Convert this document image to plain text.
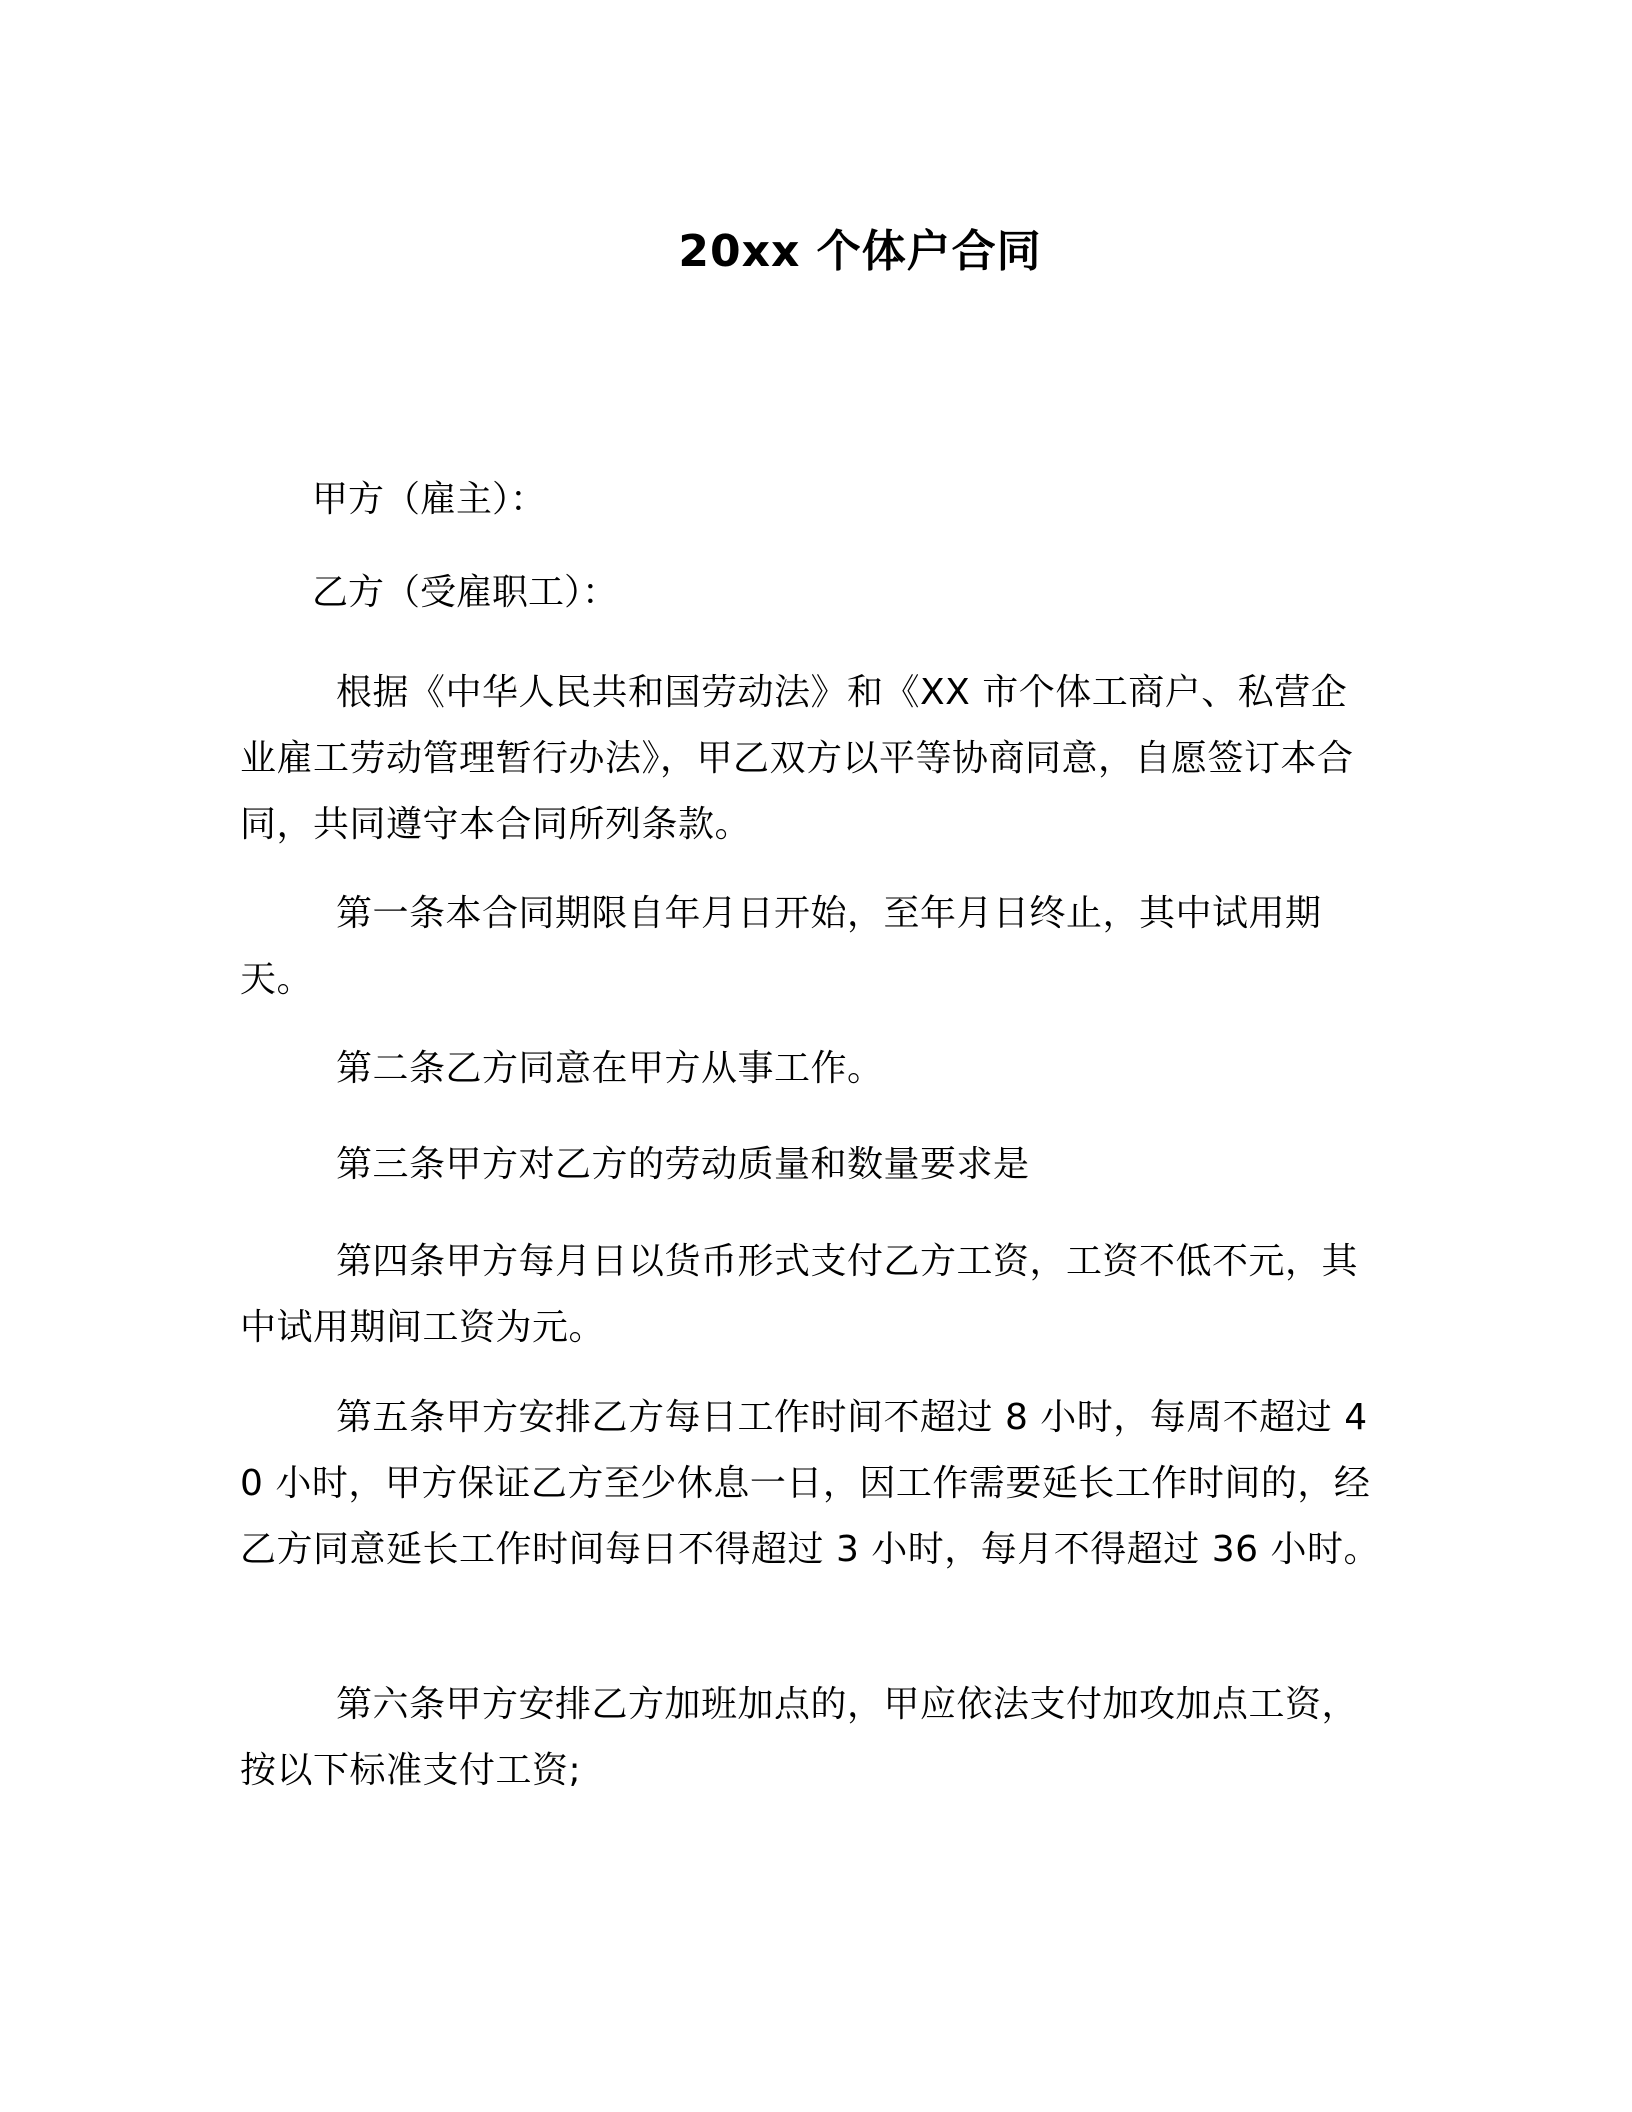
20xx 个体户合同
甲方（雇主）：
乙方（受雇职工）：
根据《中华人民共和国劳动法》和《XX 市个体工商户、私营企业雇工劳动管理暂行办法》，甲乙双方以平等协商同意，自愿签订本合同，共同遵守本合同所列条款。
第一条本合同期限自年月日开始，至年月日终止，其中试用期天。
第二条乙方同意在甲方从事工作。
第三条甲方对乙方的劳动质量和数量要求是
第四条甲方每月日以货币形式支付乙方工资，工资不低不元，其中试用期间工资为元。
第五条甲方安排乙方每日工作时间不超过 8 小时，每周不超过 40 小时，甲方保证乙方至少休息一日，因工作需要延长工作时间的，经乙方同意延长工作时间每日不得超过 3 小时，每月不得超过 36 小时。
第六条甲方安排乙方加班加点的，甲应依法支付加攻加点工资，按以下标准支付工资;
